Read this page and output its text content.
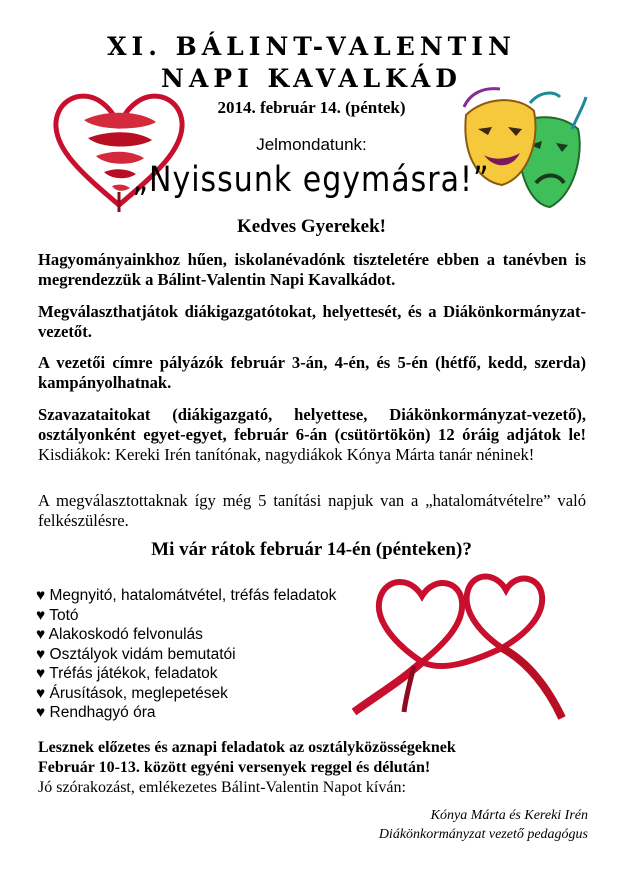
XI. BÁLINT-VALENTIN
NAPI KAVALKÁD
2014. február 14. (péntek)
Jelmondatunk:
„Nyissunk egymásra!”
Kedves Gyerekek!
Hagyományainkhoz hűen, iskolanévadónk tiszteletére ebben a tanévben is megrendezzük a Bálint-Valentin Napi Kavalkádot.
Megválaszthatjátok diákigazgatótokat, helyettesét, és a Diákönkormányzat-vezetőt.
A vezetői címre pályázók február 3-án, 4-én, és 5-én (hétfő, kedd, szerda) kampányolhatnak.
Szavazataitokat (diákigazgató, helyettese, Diákönkormányzat-vezető), osztályonként egyet-egyet, február 6-án (csütörtökön) 12 óráig adjátok le! Kisdiákok: Kereki Irén tanítónak, nagydiákok Kónya Márta tanár néninek!
A megválasztottaknak így még 5 tanítási napjuk van a „hatalomátvételre” való felkészülésre.
Mi vár rátok február 14-én (pénteken)?
♥ Megnyitó, hatalomátvétel, tréfás feladatok
♥ Totó
♥ Alakoskodó felvonulás
♥ Osztályok vidám bemutatói
♥ Tréfás játékok, feladatok
♥ Árusítások, meglepetések
♥ Rendhagyó óra
Lesznek előzetes és aznapi feladatok az osztályközösségeknek
Február 10-13. között egyéni versenyek reggel és délután!
Jó szórakozást, emlékezetes Bálint-Valentin Napot kíván:
Kónya Márta és Kereki Irén
Diákönkormányzat vezető pedagógus
